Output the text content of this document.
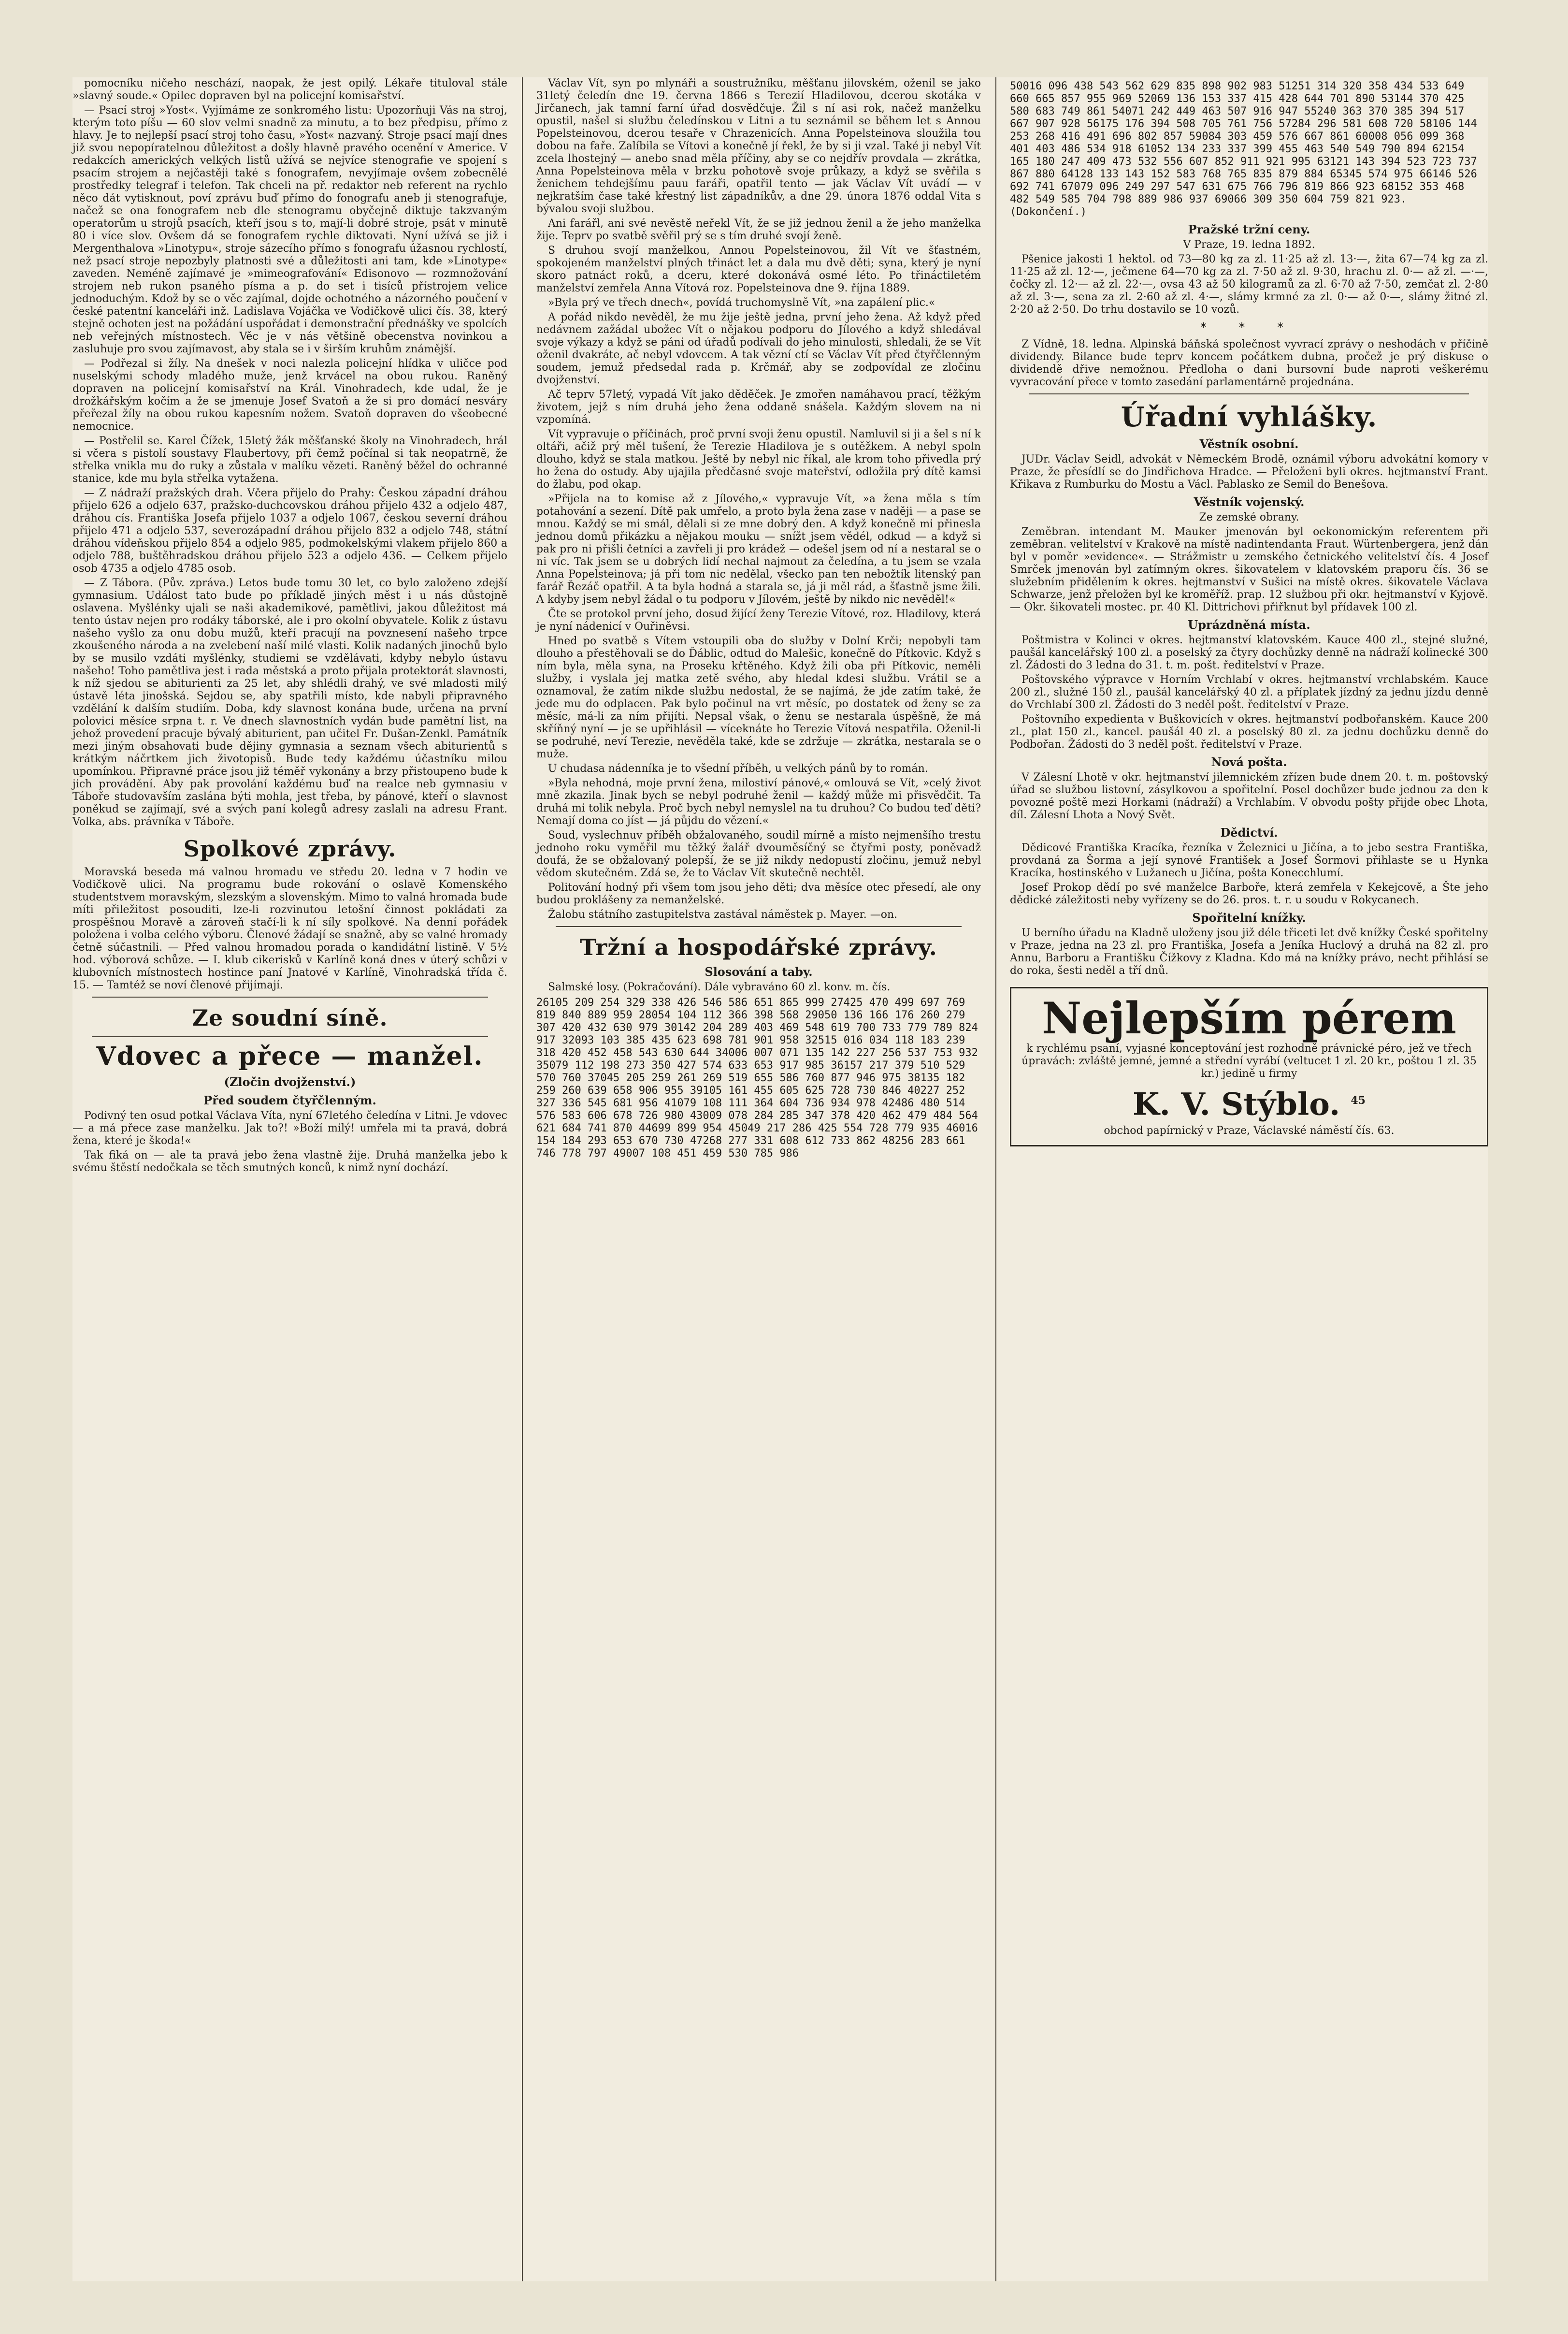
pomocníku ničeho neschází, naopak, že jest opilý. Lékaře tituloval stále »slavný soude.« Opilec dopraven byl na policejní komisařství.

— Psací stroj »Yost«. Vyjímáme ze sonkromého listu: Upozorňuji Vás na stroj, kterým toto píšu — 60 slov velmi snadně za minutu, a to bez předpisu, přímo z hlavy. Je to nejlepší psací stroj toho času, »Yost« nazvaný. Stroje psací mají dnes již svou nepopíratelnou důležitost a došly hlavně pravého ocenění v Americe. V redakcích amerických velkých listů užívá se nejvíce stenografie ve spojení s psacím strojem a nejčastěji také s fonografem, nevyjímaje ovšem zobecnělé prostředky telegraf i telefon. Tak chceli na př. redaktor neb referent na rychlo něco dát vytisknout, poví zprávu buď přímo do fonografu aneb ji stenografuje, načež se ona fonografem neb dle stenogramu obyčejně diktuje takzvaným operatorům u strojů psacích, kteří jsou s to, mají-li dobré stroje, psát v minutě 80 i více slov. Ovšem dá se fonografem rychle diktovati. Nyní užívá se již i Mergenthalova »Linotypu«, stroje sázecího přímo s fonografu úžasnou rychlostí, než psací stroje nepozbyly platnosti své a důležitosti ani tam, kde »Linotype« zaveden. Neméně zajímavé je »mimeografování« Edisonovo — rozmnožování strojem neb rukon psaného písma a p. do set i tisíců přístrojem velice jednoduchým. Kdož by se o věc zajímal, dojde ochotného a názorného poučení v české patentní kanceláři inž. Ladislava Vojáčka ve Vodičkově ulici čís. 38, který stejně ochoten jest na požádání uspořádat i demonstrační přednášky ve spolcích neb veřejných místnostech. Věc je v nás většině obecenstva novinkou a zasluhuje pro svou zajímavost, aby stala se i v širším kruhům známější.

— Podřezal si žíly. Na dnešek v noci nalezla policejní hlídka v uličce pod nuselskými schody mladého muže, jenž krvácel na obou rukou. Raněný dopraven na policejní komisařství na Král. Vinohradech, kde udal, že je drožkářským kočím a že se jmenuje Josef Svatoň a že si pro domácí nesváry přeřezal žíly na obou rukou kapesním nožem. Svatoň dopraven do všeobecné nemocnice.

— Postřelil se. Karel Čížek, 15letý žák měšťanské školy na Vinohradech, hrál si včera s pistolí soustavy Flaubertovy, při čemž počínal si tak neopatrně, že střelka vnikla mu do ruky a zůstala v malíku vězeti. Raněný běžel do ochranné stanice, kde mu byla střelka vytažena.

— Z nádraží pražských drah. Včera přijelo do Prahy: Českou západní dráhou přijelo 626 a odjelo 637, pražsko-duchcovskou dráhou přijelo 432 a odjelo 487, dráhou cís. Františka Josefa přijelo 1037 a odjelo 1067, českou severní dráhou přijelo 471 a odjelo 537, severozápadní dráhou přijelo 832 a odjelo 748, státní dráhou vídeňskou přijelo 854 a odjelo 985, podmokelskými vlakem přijelo 860 a odjelo 788, buštěhradskou dráhou přijelo 523 a odjelo 436. — Celkem přijelo osob 4735 a odjelo 4785 osob.

— Z Tábora. (Pův. zpráva.) Letos bude tomu 30 let, co bylo založeno zdejší gymnasium. Událost tato bude po příkladě jiných měst i u nás důstojně oslavena. Myšlénky ujali se naši akademikové, pamětlivi, jakou důležitost má tento ústav nejen pro rodáky táborské, ale i pro okolní obyvatele. Kolik z ústavu našeho vyšlo za onu dobu mužů, kteří pracují na povznesení našeho trpce zkoušeného národa a na zvelebení naší milé vlasti. Kolik nadaných jinochů bylo by se musilo vzdáti myšlénky, studiemi se vzdělávati, kdyby nebylo ústavu našeho! Toho pamětliva jest i rada městská a proto přijala protektorát slavnosti, k níž sjedou se abiturienti za 25 let, aby shlédli drahý, ve své mladosti milý ústavě léta jinošská. Sejdou se, aby spatřili místo, kde nabyli připravného vzdělání k dalším studiím. Doba, kdy slavnost konána bude, určena na první polovici měsíce srpna t. r. Ve dnech slavnostních vydán bude pamětní list, na jehož provedení pracuje bývalý abiturient, pan učitel Fr. Dušan-Zenkl. Památník mezi jiným obsahovati bude dějiny gymnasia a seznam všech abiturientů s krátkým náčrtkem jich životopisů. Bude tedy každému účastníku milou upomínkou. Připravné práce jsou již téměř vykonány a brzy přistoupeno bude k jich provádění. Aby pak provolání každému buď na realce neb gymnasiu v Táboře studovavším zaslána býti mohla, jest třeba, by pánové, kteří o slavnost poněkud se zajímají, své a svých paní kolegů adresy zaslali na adresu Frant. Volka, abs. právníka v Táboře.

Spolkové zprávy.

Moravská beseda má valnou hromadu ve středu 20. ledna v 7 hodin ve Vodičkově ulici. Na programu bude rokování o oslavě Komenského studentstvem moravským, slezským a slovenským. Mimo to valná hromada bude míti přiležitost posouditi, lze-li rozvinutou letošní činnost pokládati za prospěšnou Moravě a zároveň stačí-li k ní síly spolkové. Na denní pořádek položena i volba celého výboru. Členové žádají se snažně, aby se valné hromady četně súčastnili. — Před valnou hromadou porada o kandidátní listině. V 5½ hod. výborová schůze. — I. klub cikerisků v Karlíně koná dnes v úterý schůzi v klubovních místnostech hostince paní Jnatové v Karlíně, Vinohradská třída č. 15. — Tamtéž se noví členové přijímají.

Ze soudní síně.
Vdovec a přece — manžel.
(Zločin dvojženství.)
Před soudem čtyřčlenným.

Podivný ten osud potkal Václava Víta, nyní 67letého čeledína v Litni. Je vdovec — a má přece zase manželku. Jak to?! »Boží milý! umřela mi ta pravá, dobrá žena, které je škoda!«

Tak fiká on — ale ta pravá jebo žena vlastně žije. Druhá manželka jebo k svému štěstí nedočkala se těch smutných konců, k nimž nyní dochází.

Václav Vít, syn po mlynáři a soustružníku, měšťanu jilovském, oženil se jako 31letý čeledín dne 19. června 1866 s Terezií Hladilovou, dcerou skotáka v Jirčanech, jak tamní farní úřad dosvědčuje. Žil s ní asi rok, načež manželku opustil, našel si službu čeledínskou v Litni a tu seznámil se během let s Annou Popelsteinovou, dcerou tesaře v Chrazenicích. Anna Popelsteinova sloužila tou dobou na faře. Zalíbila se Vítovi a konečně jí řekl, že by si ji vzal. Také ji nebyl Vít zcela lhostejný — anebo snad měla příčiny, aby se co nejdřív provdala — zkrátka, Anna Popelsteinova měla v brzku pohotově svoje průkazy, a když se svěřila s ženichem tehdejšímu pauu faráři, opatřil tento — jak Václav Vít uvádí — v nejkratším čase také křestný list západníkův, a dne 29. února 1876 oddal Vita s bývalou svoji službou.

Ani farářl, ani své nevěstě neřekl Vít, že se již jednou ženil a že jeho manželka žije. Teprv po svatbě svěřil prý se s tím druhé svojí ženě.

S druhou svojí manželkou, Annou Popelsteinovou, žil Vít ve šťastném, spokojeném manželství plných třináct let a dala mu dvě děti; syna, který je nyní skoro patnáct roků, a dceru, které dokonává osmé léto. Po třináctiletém manželství zemřela Anna Vítová roz. Popelsteinova dne 9. října 1889.

»Byla prý ve třech dnech«, povídá truchomyslně Vít, »na zapálení plic.«

A pořád nikdo nevěděl, že mu žije ještě jedna, první jeho žena. Až když před nedávnem zažádal ubožec Vít o nějakou podporu do Jílového a když shledával svoje výkazy a když se páni od úřadů podívali do jeho minulosti, shledali, že se Vít oženil dvakráte, ač nebyl vdovcem. A tak vězní ctí se Václav Vít před čtyřčlenným soudem, jemuž předsedal rada p. Krčmář, aby se zodpovídal ze zločinu dvojženství.

Ač teprv 57letý, vypadá Vít jako děděček. Je zmořen namáhavou prací, těžkým životem, jejž s ním druhá jeho žena oddaně snášela. Každým slovem na ni vzpomíná.

Vít vypravuje o příčinách, proč první svoji ženu opustil. Namluvil si ji a šel s ní k oltáři, ačiž prý měl tušení, že Terezie Hladilova je s outěžkem. A nebyl spoln dlouho, když se stala matkou. Ještě by nebyl nic říkal, ale krom toho přivedla prý ho žena do ostudy. Aby ujajila předčasné svoje mateřství, odložila prý dítě kamsi do žlabu, pod okap.

»Přijela na to komise až z Jílového,« vypravuje Vít, »a žena měla s tím potahování a sezení. Dítě pak umřelo, a proto byla žena zase v naději — a pase se mnou. Každý se mi smál, dělali si ze mne dobrý den. A když konečně mi přinesla jednou domů přikázku a nějakou mouku — snížt jsem vědél, odkud — a když si pak pro ni přišli četníci a zavřeli ji pro krádež — odešel jsem od ní a nestaral se o ni víc. Tak jsem se u dobrých lidí nechal najmout za čeledína, a tu jsem se vzala Anna Popelsteinova; já při tom nic nedělal, všecko pan ten nebožtík litenský pan farář Řezáč opatřil. A ta byla hodná a starala se, já ji měl rád, a šťastně jsme žili. A kdyby jsem nebyl žádal o tu podporu v Jílovém, ještě by nikdo nic nevěděl!«

Čte se protokol první jeho, dosud žijící ženy Terezie Vítové, roz. Hladilovy, která je nyní nádenicí v Ouřiněvsi.

Hned po svatbě s Vítem vstoupili oba do služby v Dolní Krči; nepobyli tam dlouho a přestěhovali se do Ďáblic, odtud do Malešic, konečně do Pítkovic. Když s ním byla, měla syna, na Proseku křtěného. Když žili oba při Pítkovic, neměli služby, i vyslala jej matka zetě svého, aby hledal kdesi službu. Vrátil se a oznamoval, že zatím nikde službu nedostal, že se najímá, že jde zatím také, že jede mu do odplacen. Pak bylo počinul na vrt měsíc, po dostatek od ženy se za měsíc, má-li za ním přijíti. Nepsal však, o ženu se nestarala úspěšně, že má skříňný nyní — je se upřihlásil — víceknáte ho Terezie Vítová nespatřila. Oženil-li se podruhé, neví Terezie, nevěděla také, kde se zdržuje — zkrátka, nestarala se o muže.

U chudasa nádenníka je to všední příběh, u velkých pánů by to román.

»Byla nehodná, moje první žena, milostiví pánové,« omlouvá se Vít, »celý život mně zkazila. Jinak bych se nebyl podruhé ženil — každý může mi přisvědčit. Ta druhá mi tolik nebyla. Proč bych nebyl nemyslel na tu druhou? Co budou teď děti? Nemají doma co jíst — já půjdu do vězení.«

Soud, vyslechnuv příběh obžalovaného, soudil mírně a místo nejmenšího trestu jednoho roku vyměřil mu těžký žalář dvouměsíčný se čtyřmi posty, poněvadž doufá, že se obžalovaný polepší, že se již nikdy nedopustí zločinu, jemuž nebyl vědom skutečném. Zdá se, že to Václav Vít skutečně nechtěl.

Politování hodný při všem tom jsou jeho děti; dva měsíce otec přesedí, ale ony budou proklášeny za nemanželské.

Žalobu státního zastupitelstva zastával náměstek p. Mayer. —on.

Tržní a hospodářské zprávy.
Slosování a taby.

Salmské losy. (Pokračování). Dále vybraváno 60 zl. konv. m. čís.

26105 209 254 329 338 426 546 586 651 865 999 27425 470 499 697 769 819 840 889 959 28054 104 112 366 398 568 29050 136 166 176 260 279 307 420 432 630 979 30142 204 289 403 469 548 619 700 733 779 789 824 917 32093 103 385 435 623 698 781 901 958 32515 016 034 118 183 239 318 420 452 458 543 630 644 34006 007 071 135 142 227 256 537 753 932 35079 112 198 273 350 427 574 633 653 917 985 36157 217 379 510 529 570 760 37045 205 259 261 269 519 655 586 760 877 946 975 38135 182 259 260 639 658 906 955 39105 161 455 605 625 728 730 846 40227 252 327 336 545 681 956 41079 108 111 364 604 736 934 978 42486 480 514 576 583 606 678 726 980 43009 078 284 285 347 378 420 462 479 484 564 621 684 741 870 44699 899 954 45049 217 286 425 554 728 779 935 46016 154 184 293 653 670 730 47268 277 331 608 612 733 862 48256 283 661 746 778 797 49007 108 451 459 530 785 986
50016 096 438 543 562 629 835 898 902 983 51251 314 320 358 434 533 649 660 665 857 955 969 52069 136 153 337 415 428 644 701 890 53144 370 425 580 683 749 861 54071 242 449 463 507 916 947 55240 363 370 385 394 517 667 907 928 56175 176 394 508 705 761 756 57284 296 581 608 720 58106 144 253 268 416 491 696 802 857 59084 303 459 576 667 861 60008 056 099 368 401 403 486 534 918 61052 134 233 337 399 455 463 540 549 790 894 62154 165 180 247 409 473 532 556 607 852 911 921 995 63121 143 394 523 723 737 867 880 64128 133 143 152 583 768 765 835 879 884 65345 574 975 66146 526 692 741 67079 096 249 297 547 631 675 766 796 819 866 923 68152 353 468 482 549 585 704 798 889 986 937 69066 309 350 604 759 821 923. (Dokončení.)
Pražské tržní ceny.

V Praze, 19. ledna 1892.

Pšenice jakosti 1 hektol. od 73—80 kg za zl. 11·25 až zl. 13·—, žita 67—74 kg za zl. 11·25 až zl. 12·—, ječmene 64—70 kg za zl. 7·50 až zl. 9·30, hrachu zl. 0·— až zl. —·—, čočky zl. 12·— až zl. 22·—, ovsa 43 až 50 kilogramů za zl. 6·70 až 7·50, zemčat zl. 2·80 až zl. 3·—, sena za zl. 2·60 až zl. 4·—, slámy krmné za zl. 0·— až 0·—, slámy žitné zl. 2·20 až 2·50. Do trhu dostavilo se 10 vozů.

* * *

Z Vídně, 18. ledna. Alpinská báňská společnost vyvrací zprávy o neshodách v příčině dividendy. Bilance bude teprv koncem počátkem dubna, pročež je prý diskuse o dividendě dřive nemožnou. Předloha o dani bursovní bude naproti veškerému vyvracování přece v tomto zasedání parlamentárně projednána.

Úřadní vyhlášky.
Věstník osobní.

JUDr. Václav Seidl, advokát v Německém Brodě, oznámil výboru advokátní komory v Praze, že přesídlí se do Jindřichova Hradce. — Přeloženi byli okres. hejtmanství Frant. Křikava z Rumburku do Mostu a Václ. Pablasko ze Semil do Benešova.

Věstník vojenský.

Ze zemské obrany.

Zeměbran. intendant M. Mauker jmenován byl oekonomickým referentem při zeměbran. velitelství v Krakově na místě nadintendanta Fraut. Würtenbergera, jenž dán byl v poměr »evidence«. — Strážmistr u zemského četnického velitelství čís. 4 Josef Smrček jmenován byl zatímným okres. šikovatelem v klatovském praporu čís. 36 se služebním přidělením k okres. hejtmanství v Sušici na místě okres. šikovatele Václava Schwarze, jenž přeložen byl ke kroměříž. prap. 12 službou při okr. hejtmanství v Kyjově. — Okr. šikovateli mostec. pr. 40 Kl. Dittrichovi přiřknut byl přídavek 100 zl.

Uprázdněná místa.

Poštmistra v Kolinci v okres. hejtmanství klatovském. Kauce 400 zl., stejné služné, paušál kancelářský 100 zl. a poselský za čtyry dochůzky denně na nádraží kolinecké 300 zl. Žádosti do 3 ledna do 31. t. m. pošt. ředitelství v Praze.

Poštovského výpravce v Horním Vrchlabí v okres. hejtmanství vrchlabském. Kauce 200 zl., služné 150 zl., paušál kancelářský 40 zl. a příplatek jízdný za jednu jízdu denně do Vrchlabí 300 zl. Žádosti do 3 neděl pošt. ředitelství v Praze.

Poštovního expedienta v Buškovicích v okres. hejtmanství podbořanském. Kauce 200 zl., plat 150 zl., kancel. paušál 40 zl. a poselský 80 zl. za jednu dochůzku denně do Podbořan. Žádosti do 3 neděl pošt. ředitelství v Praze.

Nová pošta.

V Zálesní Lhotě v okr. hejtmanství jilemnickém zřízen bude dnem 20. t. m. poštovský úřad se službou listovní, zásylkovou a spořitelní. Posel dochůzer bude jednou za den k povozné poště mezi Horkami (nádraží) a Vrchlabím. V obvodu pošty přijde obec Lhota, díl. Zálesní Lhota a Nový Svět.

Dědictví.

Dědicové Františka Kracíka, řezníka v Železnici u Jičína, a to jebo sestra Františka, provdaná za Šorma a její synové František a Josef Šormovi přihlaste se u Hynka Kracíka, hostinského v Lužanech u Jičína, pošta Konecchlumí.

Josef Prokop dědí po své manželce Barboře, která zemřela v Kekejcově, a Šte jeho dědické záležitosti neby vyřízeny se do 26. pros. t. r. u soudu v Rokycanech.

Spořitelní knížky.

U berního úřadu na Kladně uloženy jsou již déle třiceti let dvě knížky České spořitelny v Praze, jedna na 23 zl. pro Františka, Josefa a Jeníka Huclový a druhá na 82 zl. pro Annu, Barboru a Františku Čížkovy z Kladna. Kdo má na knížky právo, necht přihlásí se do roka, šesti neděl a tří dnů.

Nejlepším pérem

k rychlému psaní, vyjasné konceptování jest rozhodně právnické péro, jež ve třech úpravách: zvláště jemné, jemné a střední vyrábí (veltucet 1 zl. 20 kr., poštou 1 zl. 35 kr.) jedině u firmy

K. V. Stýblo. $^{45}$

obchod papírnický v Praze, Václavské náměstí čís. 63.
